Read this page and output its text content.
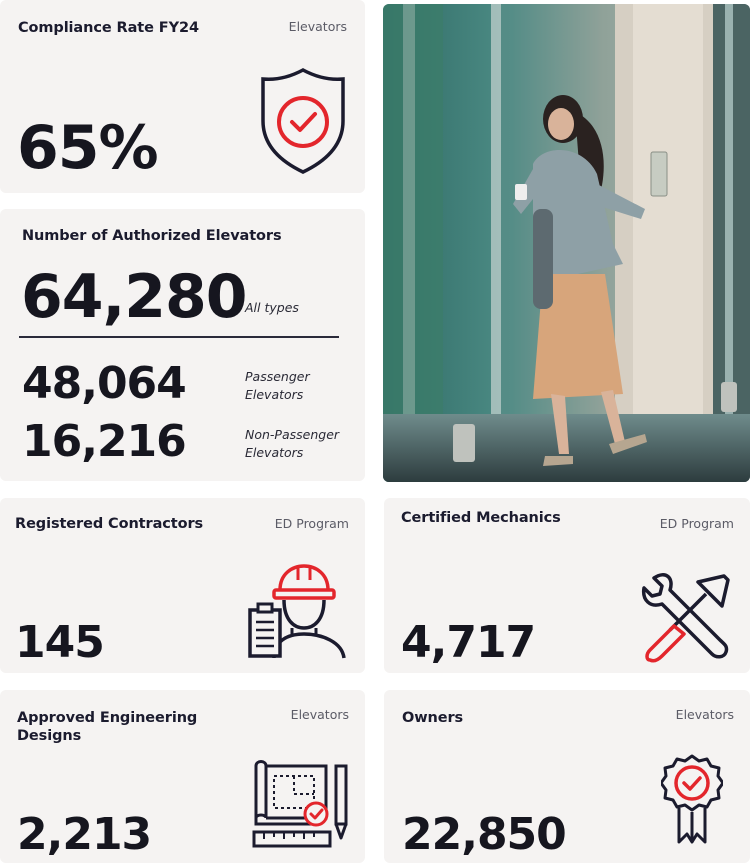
Compliance Rate FY24	Elevators
65%
Number of Authorized Elevators
64,280
All types
48,064	Passenger
Elevators
16,216	Non-Passenger
Elevators
Registered Contractors	ED Program
145
Certified Mechanics	ED Program
4,717
Approved Engineering
Designs
Elevators
2,213
Owners	Elevators
22,850
